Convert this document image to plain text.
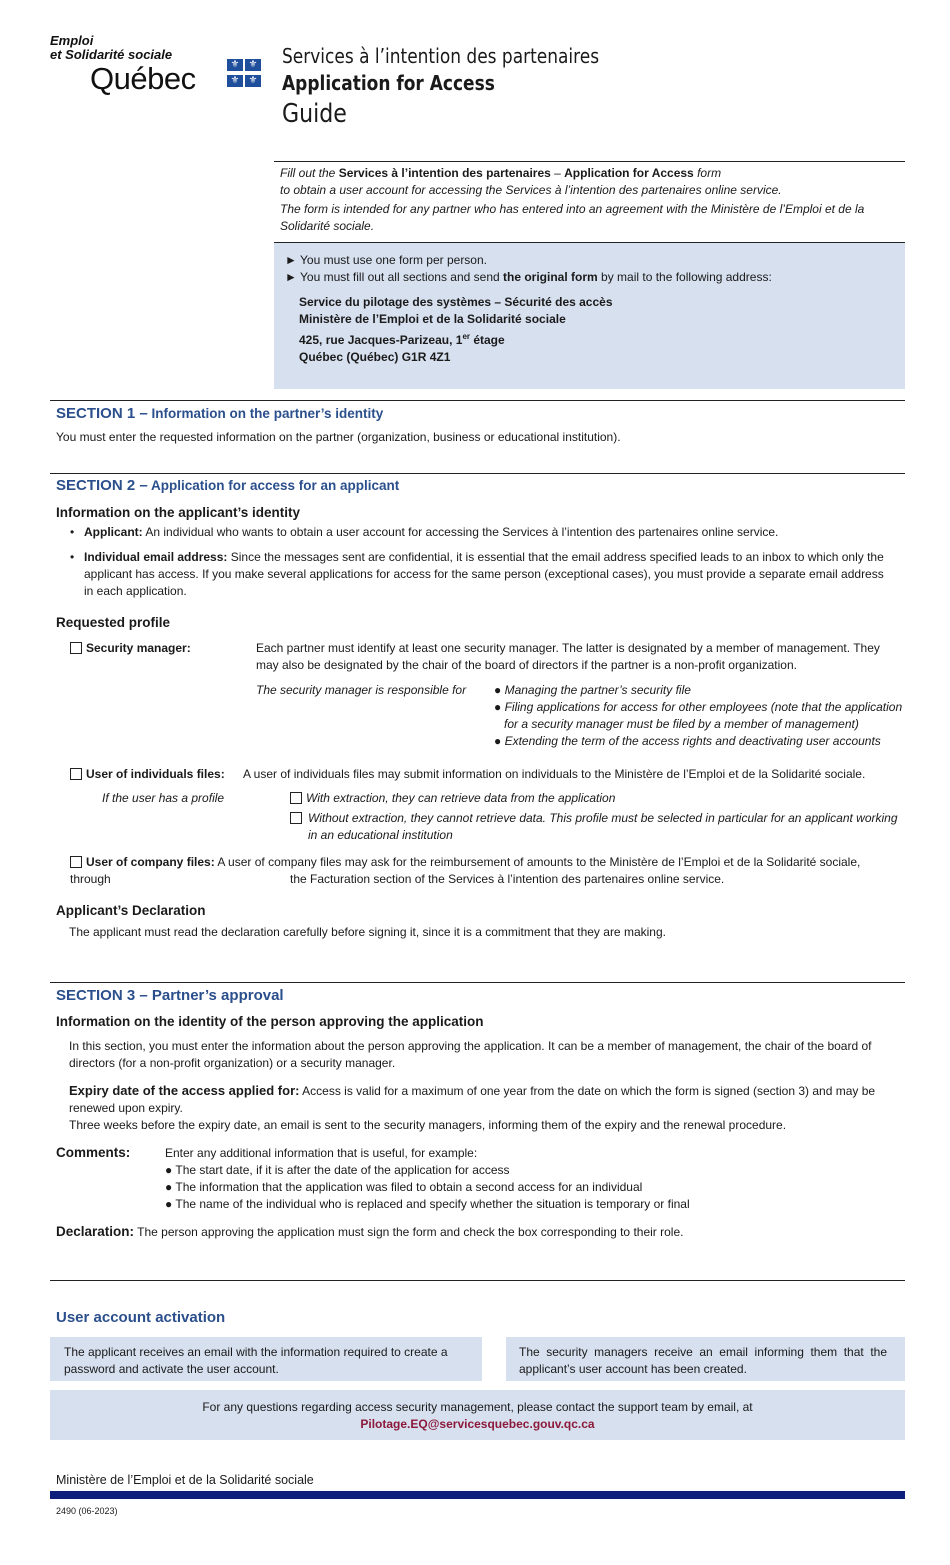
Emploi
et Solidarité sociale
Québec	⚜ ⚜
⚜ ⚜
Services à l’intention des partenaires
Application for Access
Guide
Fill out the Services à l’intention des partenaires – Application for Access form
to obtain a user account for accessing the Services à l’intention des partenaires online service.
The form is intended for any partner who has entered into an agreement with the Ministère de l’Emploi et de la Solidarité sociale.
► You must use one form per person.
► You must fill out all sections and send the original form by mail to the following address:
Service du pilotage des systèmes – Sécurité des accès
Ministère de l’Emploi et de la Solidarité sociale
425, rue Jacques-Parizeau, 1er étage
Québec (Québec) G1R 4Z1
SECTION 1 – Information on the partner’s identity
You must enter the requested information on the partner (organization, business or educational institution).
SECTION 2 – Application for access for an applicant
Information on the applicant’s identity
• Applicant: An individual who wants to obtain a user account for accessing the Services à l’intention des partenaires online service.
• Individual email address: Since the messages sent are confidential, it is essential that the email address specified leads to an inbox to which only the applicant has access. If you make several applications for access for the same person (exceptional cases), you must provide a separate email address in each application.
Requested profile
Security manager:	Each partner must identify at least one security manager. The latter is designated by a member of management. They may also be designated by the chair of the board of directors if the partner is a non-profit organization.
The security manager is responsible for	● Managing the partner’s security file
● Filing applications for access for other employees (note that the application
for a security manager must be filed by a member of management)
● Extending the term of the access rights and deactivating user accounts
User of individuals files: A user of individuals files may submit information on individuals to the Ministère de l’Emploi et de la Solidarité sociale.
If the user has a profile	With extraction, they can retrieve data from the application
Without extraction, they cannot retrieve data. This profile must be selected in particular for an applicant working in an educational institution
User of company files: A user of company files may ask for the reimbursement of amounts to the Ministère de l’Emploi et de la Solidarité sociale, through	the Facturation section of the Services à l’intention des partenaires online service.
Applicant’s Declaration
The applicant must read the declaration carefully before signing it, since it is a commitment that they are making.
SECTION 3 – Partner’s approval
Information on the identity of the person approving the application
In this section, you must enter the information about the person approving the application. It can be a member of management, the chair of the board of directors (for a non-profit organization) or a security manager.
Expiry date of the access applied for: Access is valid for a maximum of one year from the date on which the form is signed (section 3) and may be renewed upon expiry.
Three weeks before the expiry date, an email is sent to the security managers, informing them of the expiry and the renewal procedure.
Comments:	Enter any additional information that is useful, for example:
● The start date, if it is after the date of the application for access
● The information that the application was filed to obtain a second access for an individual
● The name of the individual who is replaced and specify whether the situation is temporary or final
Declaration: The person approving the application must sign the form and check the box corresponding to their role.
User account activation
The applicant receives an email with the information required to create a password and activate the user account.
The security managers receive an email informing them that the applicant’s user account has been created.
For any questions regarding access security management, please contact the support team by email, at
Pilotage.EQ@servicesquebec.gouv.qc.ca
Ministère de l’Emploi et de la Solidarité sociale
2490 (06-2023)
